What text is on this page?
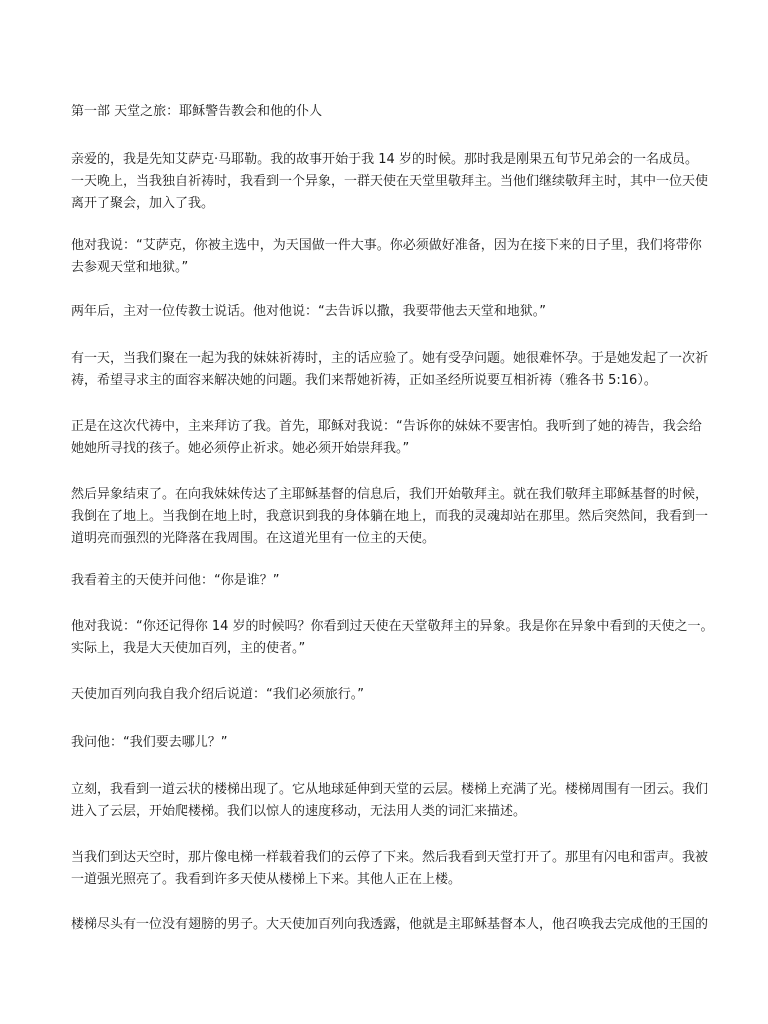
第一部 天堂之旅：耶稣警告教会和他的仆人

亲爱的，我是先知艾萨克·马耶勒。我的故事开始于我 14 岁的时候。那时我是刚果五旬节兄弟会的一名成员。
一天晚上，当我独自祈祷时，我看到一个异象，一群天使在天堂里敬拜主。当他们继续敬拜主时，其中一位天使
离开了聚会，加入了我。

他对我说：“艾萨克，你被主选中，为天国做一件大事。你必须做好准备，因为在接下来的日子里，我们将带你
去参观天堂和地狱。”

两年后，主对一位传教士说话。他对他说：“去告诉以撒，我要带他去天堂和地狱。”

有一天，当我们聚在一起为我的妹妹祈祷时，主的话应验了。她有受孕问题。她很难怀孕。于是她发起了一次祈
祷，希望寻求主的面容来解决她的问题。我们来帮她祈祷，正如圣经所说要互相祈祷（雅各书 5:16）。

正是在这次代祷中，主来拜访了我。首先，耶稣对我说：“告诉你的妹妹不要害怕。我听到了她的祷告，我会给
她她所寻找的孩子。她必须停止祈求。她必须开始崇拜我。”

然后异象结束了。在向我妹妹传达了主耶稣基督的信息后，我们开始敬拜主。就在我们敬拜主耶稣基督的时候，
我倒在了地上。当我倒在地上时，我意识到我的身体躺在地上，而我的灵魂却站在那里。然后突然间，我看到一
道明亮而强烈的光降落在我周围。在这道光里有一位主的天使。

我看着主的天使并问他：“你是谁？”

他对我说：“你还记得你 14 岁的时候吗？你看到过天使在天堂敬拜主的异象。我是你在异象中看到的天使之一。
实际上，我是大天使加百列，主的使者。”

天使加百列向我自我介绍后说道：“我们必须旅行。”

我问他：“我们要去哪儿？”

立刻，我看到一道云状的楼梯出现了。它从地球延伸到天堂的云层。楼梯上充满了光。楼梯周围有一团云。我们
进入了云层，开始爬楼梯。我们以惊人的速度移动，无法用人类的词汇来描述。

当我们到达天空时，那片像电梯一样载着我们的云停了下来。然后我看到天堂打开了。那里有闪电和雷声。我被
一道强光照亮了。我看到许多天使从楼梯上下来。其他人正在上楼。

楼梯尽头有一位没有翅膀的男子。大天使加百列向我透露，他就是主耶稣基督本人，他召唤我去完成他的王国的
